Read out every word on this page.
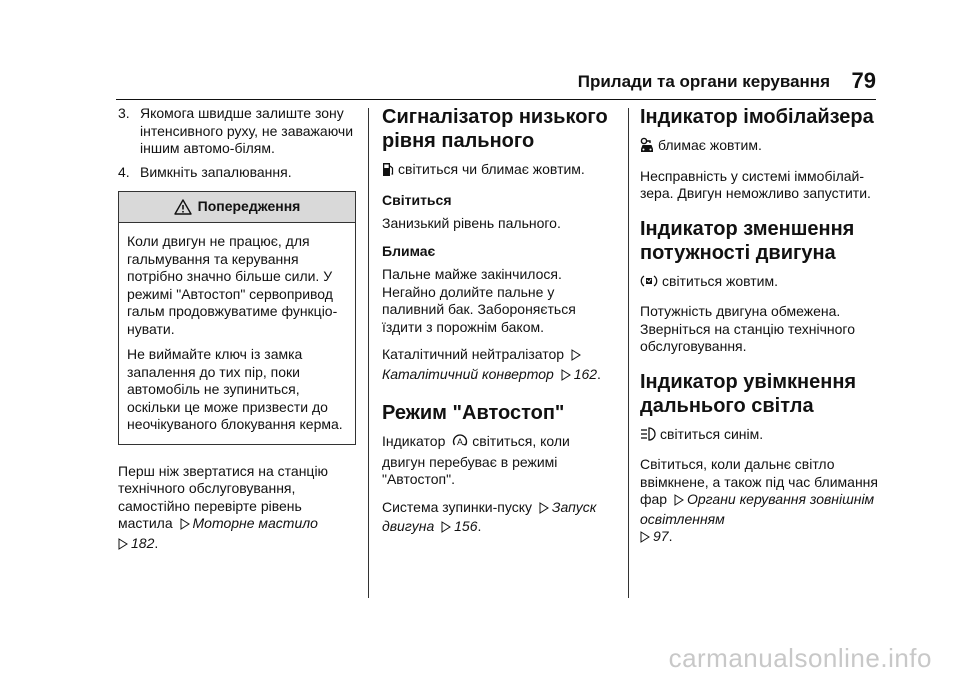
Прилади та органи керування 79
3. Якомога швидше залиште зону інтенсивного руху, не заважаючи іншим автомо-білям.
4. Вимкніть запалювання.
Попередження

Коли двигун не працює, для гальмування та керування потрібно значно більше сили. У режимі "Автостоп" сервопривод гальм продовжуватиме функціо-нувати.

Не виймайте ключ із замка запалення до тих пір, поки автомобіль не зупиниться, оскільки це може призвести до неочікуваного блокування керма.

Перш ніж звертатися на станцію технічного обслуговування, самостійно перевірте рівень мастила Моторне мастило
182.

Сигналізатор низького рівня пального

світиться чи блимає жовтим.

Світиться

Занизький рівень пального.

Блимає

Пальне майже закінчилося. Негайно долийте пальне у паливний бак. Забороняється їздити з порожнім баком.

Каталітичний нейтралізатор
Каталітичний конвертор 162.

Режим "Автостоп"

Індикатор A світиться, коли двигун перебуває в режимі "Автостоп".

Система зупинки-пуску Запуск двигуна 156.

Індикатор імобілайзера

блимає жовтим.

Несправність у системі іммобілай-зера. Двигун неможливо запустити.

Індикатор зменшення потужності двигуна

світиться жовтим.

Потужність двигуна обмежена. Зверніться на станцію технічного обслуговування.

Індикатор увімкнення дальнього світла

світиться синім.

Світиться, коли дальнє світло ввімкнене, а також під час блимання фар Органи керування зовнішнім освітленням
97.

carmanualsonline.info
